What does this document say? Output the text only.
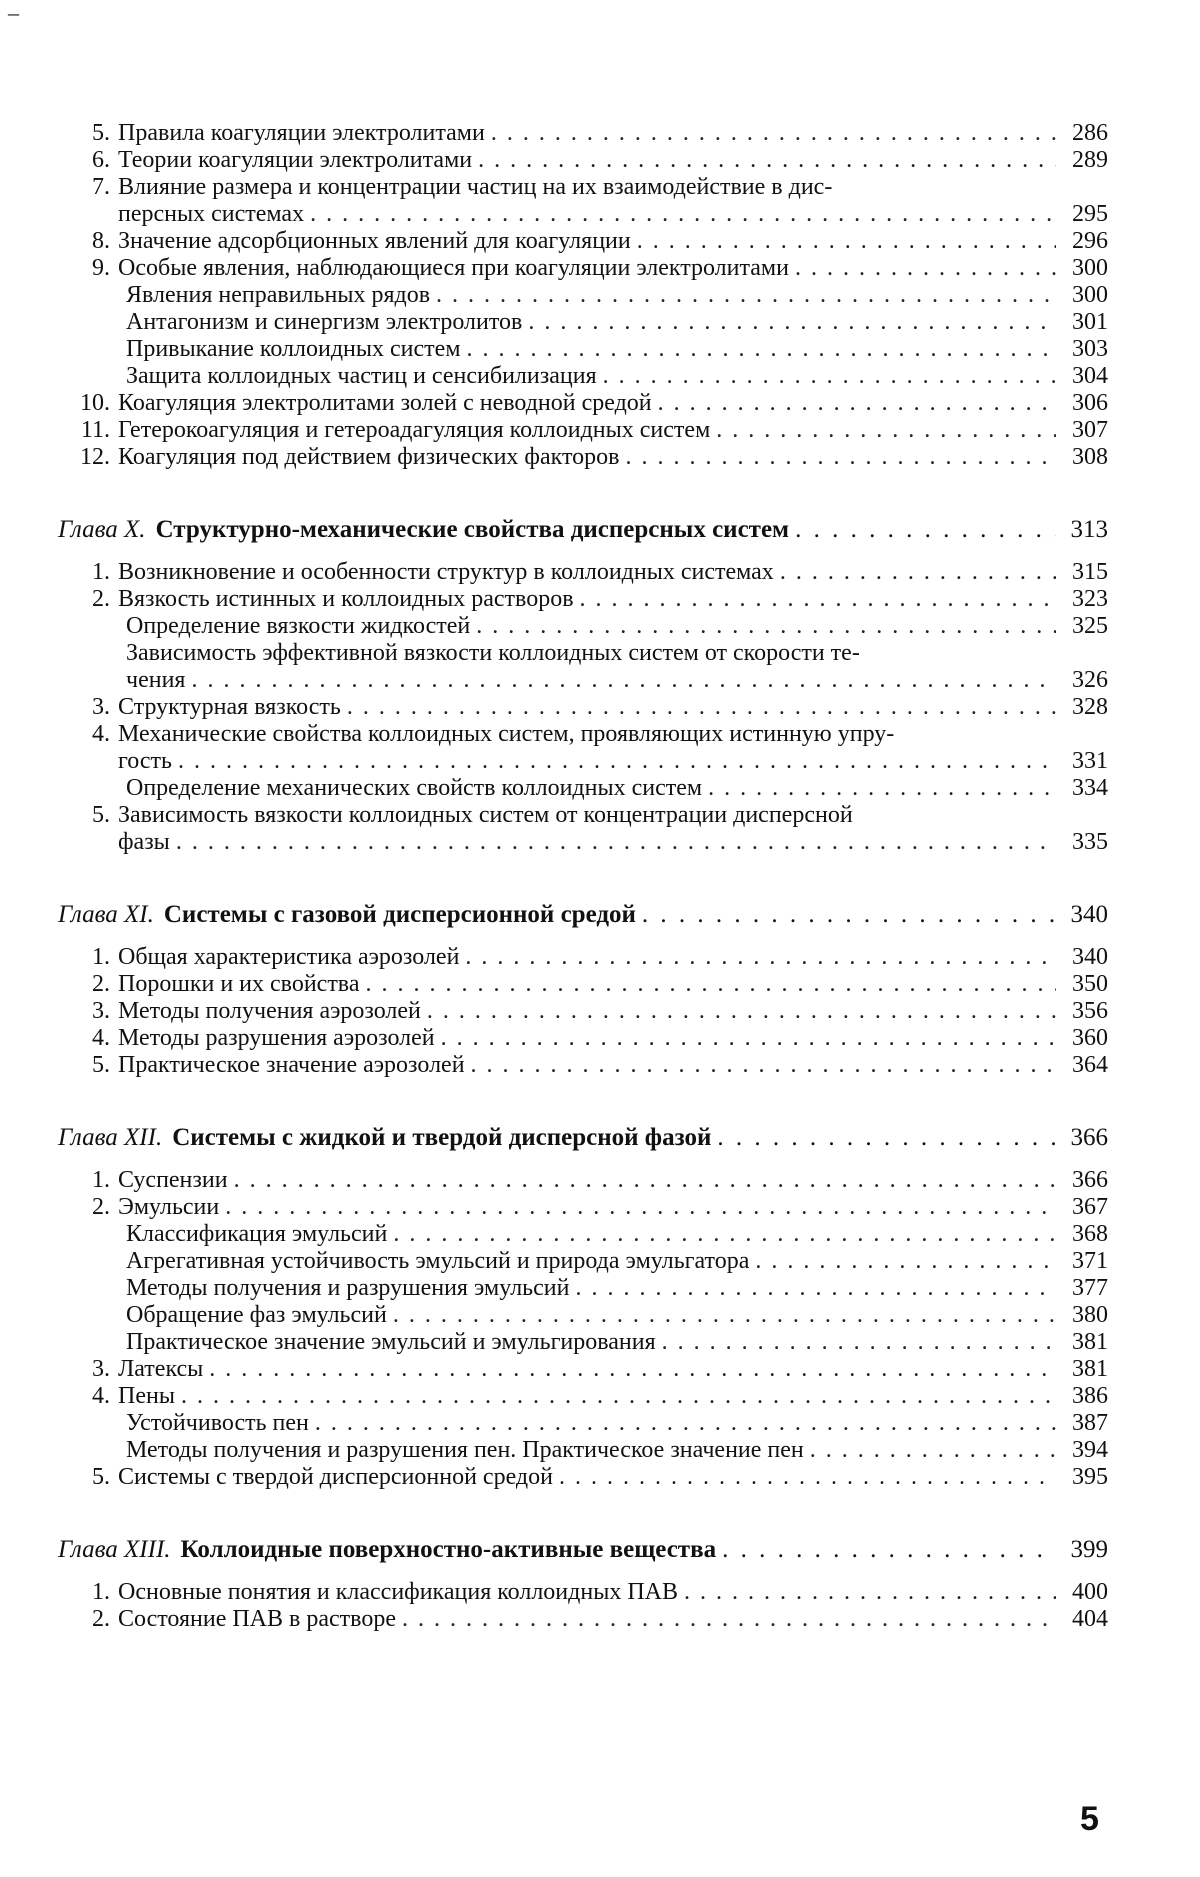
–
5. Правила коагуляции электролитами . . .	286
6. Теории коагуляции электролитами . . .	289
7. Влияние размера и концентрации частиц на их взаимодействие в дис-
персных системах . . .	295
8. Значение адсорбционных явлений для коагуляции . . .	296
9. Особые явления, наблюдающиеся при коагуляции электролитами . . .	300
Явления неправильных рядов . . .	300
Антагонизм и синергизм электролитов . . .	301
Привыкание коллоидных систем . . .	303
Защита коллоидных частиц и сенсибилизация . . .	304
10. Коагуляция электролитами золей с неводной средой . . .	306
11. Гетерокоагуляция и гетероадагуляция коллоидных систем . . .	307
12. Коагуляция под действием физических факторов . . .	308
Глава X. Структурно-механические свойства дисперсных систем . . .	313
1. Возникновение и особенности структур в коллоидных системах . . .	315
2. Вязкость истинных и коллоидных растворов . . .	323
Определение вязкости жидкостей . . .	325
Зависимость эффективной вязкости коллоидных систем от скорости те-
чения . . .	326
3. Структурная вязкость . . .	328
4. Механические свойства коллоидных систем, проявляющих истинную упру-
гость . . .	331
Определение механических свойств коллоидных систем . . .	334
5. Зависимость вязкости коллоидных систем от концентрации дисперсной
фазы . . .	335
Глава XI. Системы с газовой дисперсионной средой . . .	340
1. Общая характеристика аэрозолей . . .	340
2. Порошки и их свойства . . .	350
3. Методы получения аэрозолей . . .	356
4. Методы разрушения аэрозолей . . .	360
5. Практическое значение аэрозолей . . .	364
Глава XII. Системы с жидкой и твердой дисперсной фазой . . .	366
1. Суспензии . . .	366
2. Эмульсии . . .	367
Классификация эмульсий . . .	368
Агрегативная устойчивость эмульсий и природа эмульгатора . . .	371
Методы получения и разрушения эмульсий . . .	377
Обращение фаз эмульсий . . .	380
Практическое значение эмульсий и эмульгирования . . .	381
3. Латексы . . .	381
4. Пены . . .	386
Устойчивость пен . . .	387
Методы получения и разрушения пен. Практическое значение пен . . .	394
5. Системы с твердой дисперсионной средой . . .	395
Глава XIII. Коллоидные поверхностно-активные вещества . . .	399
1. Основные понятия и классификация коллоидных ПАВ . . .	400
2. Состояние ПАВ в растворе . . .	404
5
